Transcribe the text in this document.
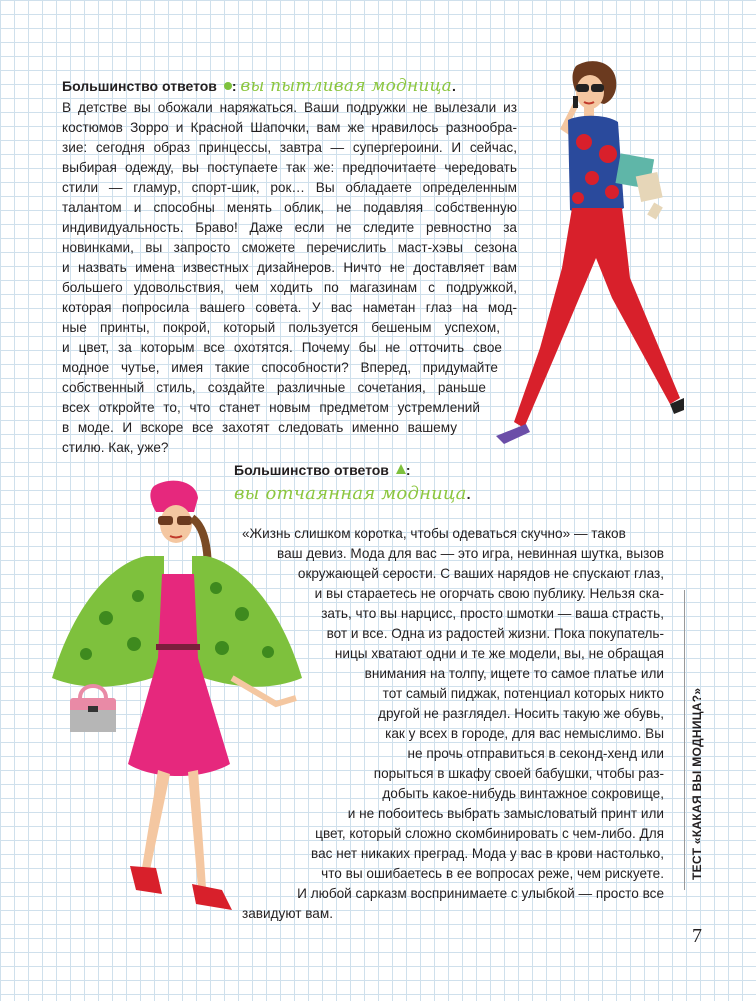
Большинство ответов : вы пытливая модница.
В детстве вы обожали наряжаться. Ваши подружки не вылезали из
костюмов Зорро и Красной Шапочки, вам же нравилось разнообра-
зие: сегодня образ принцессы, завтра — супергероини. И сейчас,
выбирая одежду, вы поступаете так же: предпочитаете чередовать
стили — гламур, спорт-шик, рок… Вы обладаете определенным
талантом и способны менять облик, не подавляя собственную
индивидуальность. Браво! Даже если не следите ревностно за
новинками, вы запросто сможете перечислить маст-хэвы сезона
и назвать имена известных дизайнеров. Ничто не доставляет вам
большего удовольствия, чем ходить по магазинам с подружкой,
которая попросила вашего совета. У вас наметан глаз на мод-
ные принты, покрой, который пользуется бешеным успехом,
и цвет, за которым все охотятся. Почему бы не отточить свое
модное чутье, имея такие способности? Вперед, придумайте
собственный стиль, создайте различные сочетания, раньше
всех откройте то, что станет новым предметом устремлений
в моде. И вскоре все захотят следовать именно вашему
стилю. Как, уже?
Большинство ответов :
вы отчаянная модница.
«Жизнь слишком коротка, чтобы одеваться скучно» — таков
ваш девиз. Мода для вас — это игра, невинная шутка, вызов
окружающей серости. С ваших нарядов не спускают глаз,
и вы стараетесь не огорчать свою публику. Нельзя ска-
зать, что вы нарцисс, просто шмотки — ваша страсть,
вот и все. Одна из радостей жизни. Пока покупатель-
ницы хватают одни и те же модели, вы, не обращая
внимания на толпу, ищете то самое платье или
тот самый пиджак, потенциал которых никто
другой не разглядел. Носить такую же обувь,
как у всех в городе, для вас немыслимо. Вы
не прочь отправиться в секонд-хенд или
порыться в шкафу своей бабушки, чтобы раз-
добыть какое-нибудь винтажное сокровище,
и не побоитесь выбрать замысловатый принт или
цвет, который сложно скомбинировать с чем-либо. Для
вас нет никаких преград. Мода у вас в крови настолько,
что вы ошибаетесь в ее вопросах реже, чем рискуете.
И любой сарказм воспринимаете с улыбкой — просто все
завидуют вам.
ТЕСТ «КАКАЯ ВЫ МОДНИЦА?»
7
